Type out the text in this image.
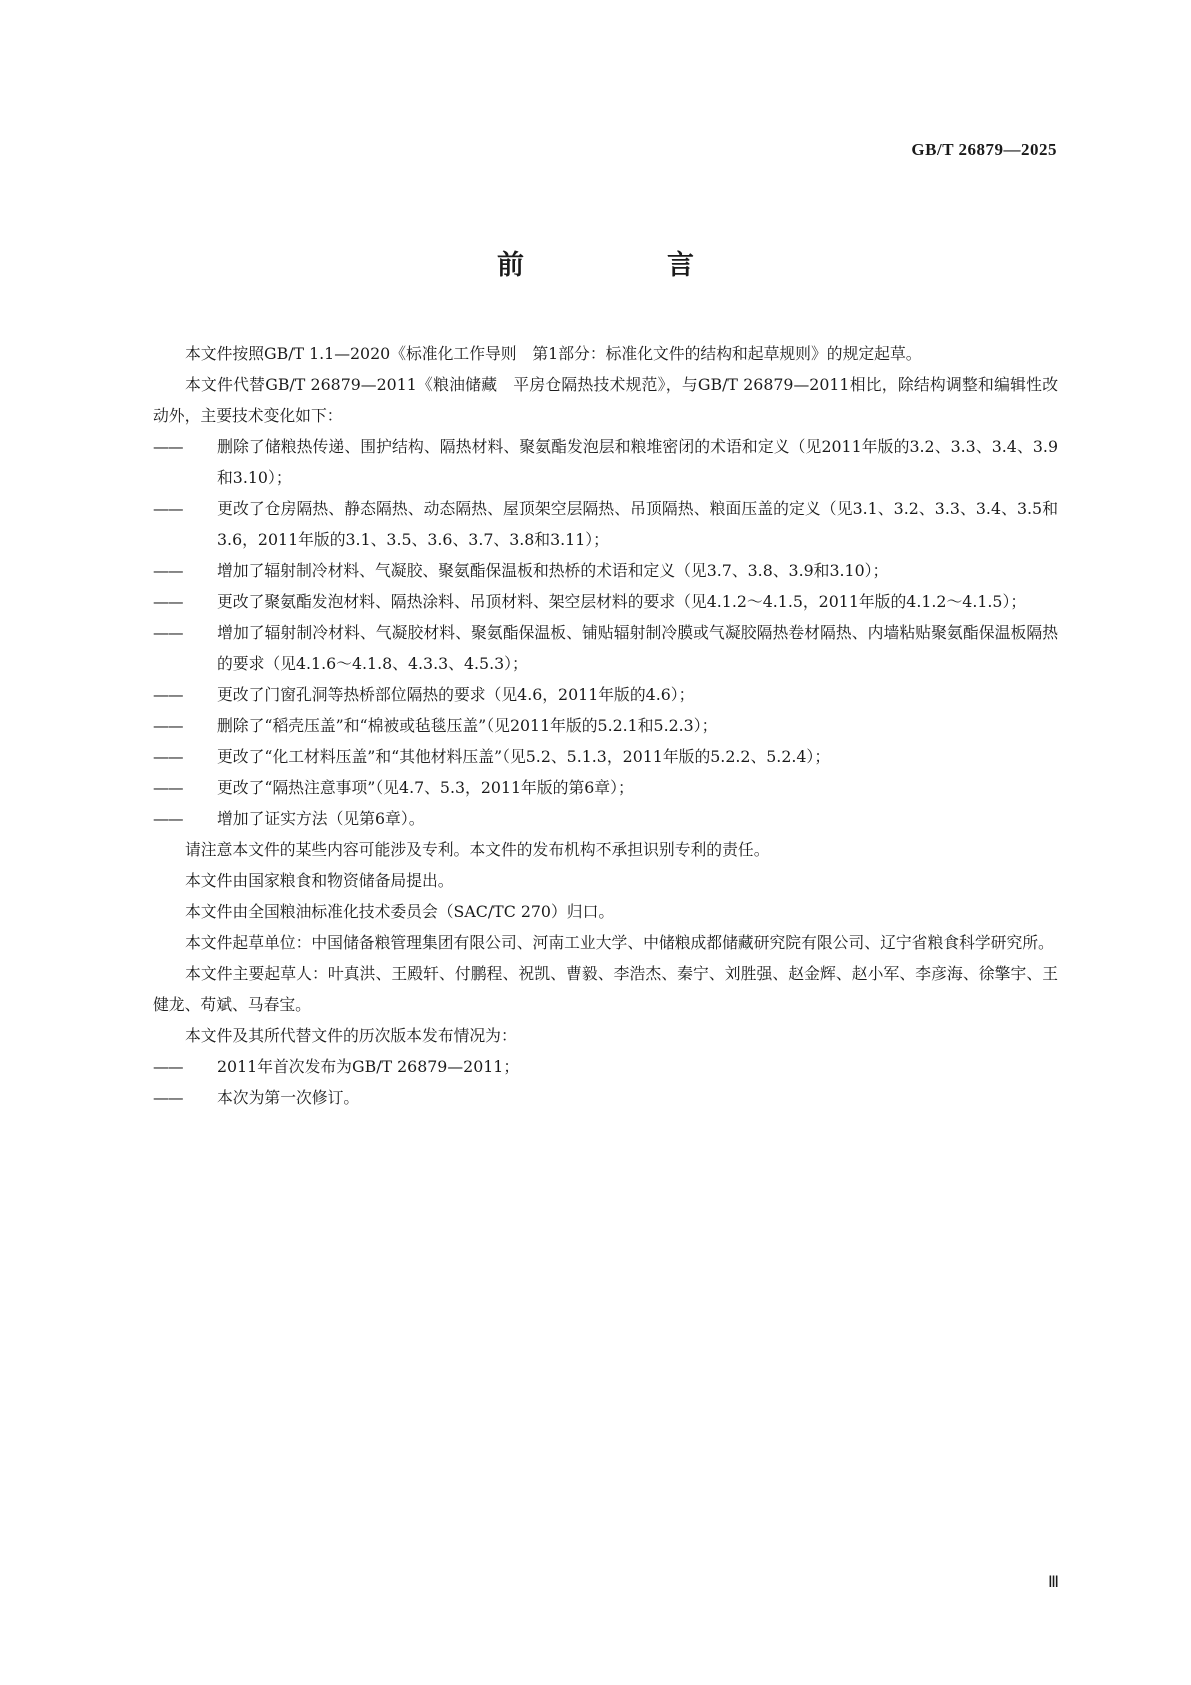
GB/T 26879—2025
前　言

本文件按照GB/T 1.1—2020《标准化工作导则　第1部分：标准化文件的结构和起草规则》的规定起草。

本文件代替GB/T 26879—2011《粮油储藏　平房仓隔热技术规范》，与GB/T 26879—2011相比，除结构调整和编辑性改动外，主要技术变化如下：

—— 删除了储粮热传递、围护结构、隔热材料、聚氨酯发泡层和粮堆密闭的术语和定义（见2011年版的3.2、3.3、3.4、3.9和3.10）；

—— 更改了仓房隔热、静态隔热、动态隔热、屋顶架空层隔热、吊顶隔热、粮面压盖的定义（见3.1、3.2、3.3、3.4、3.5和3.6，2011年版的3.1、3.5、3.6、3.7、3.8和3.11）；

—— 增加了辐射制冷材料、气凝胶、聚氨酯保温板和热桥的术语和定义（见3.7、3.8、3.9和3.10）；

—— 更改了聚氨酯发泡材料、隔热涂料、吊顶材料、架空层材料的要求（见4.1.2～4.1.5，2011年版的4.1.2～4.1.5）；

—— 增加了辐射制冷材料、气凝胶材料、聚氨酯保温板、铺贴辐射制冷膜或气凝胶隔热卷材隔热、内墙粘贴聚氨酯保温板隔热的要求（见4.1.6～4.1.8、4.3.3、4.5.3）；

—— 更改了门窗孔洞等热桥部位隔热的要求（见4.6，2011年版的4.6）；

—— 删除了“稻壳压盖”和“棉被或毡毯压盖”（见2011年版的5.2.1和5.2.3）；

—— 更改了“化工材料压盖”和“其他材料压盖”（见5.2、5.1.3，2011年版的5.2.2、5.2.4）；

—— 更改了“隔热注意事项”（见4.7、5.3，2011年版的第6章）；

—— 增加了证实方法（见第6章）。

请注意本文件的某些内容可能涉及专利。本文件的发布机构不承担识别专利的责任。

本文件由国家粮食和物资储备局提出。

本文件由全国粮油标准化技术委员会（SAC/TC 270）归口。

本文件起草单位：中国储备粮管理集团有限公司、河南工业大学、中储粮成都储藏研究院有限公司、辽宁省粮食科学研究所。

本文件主要起草人：叶真洪、王殿轩、付鹏程、祝凯、曹毅、李浩杰、秦宁、刘胜强、赵金辉、赵小军、李彦海、徐擎宇、王健龙、苟斌、马春宝。

本文件及其所代替文件的历次版本发布情况为：

—— 2011年首次发布为GB/T 26879—2011；

—— 本次为第一次修订。

Ⅲ
